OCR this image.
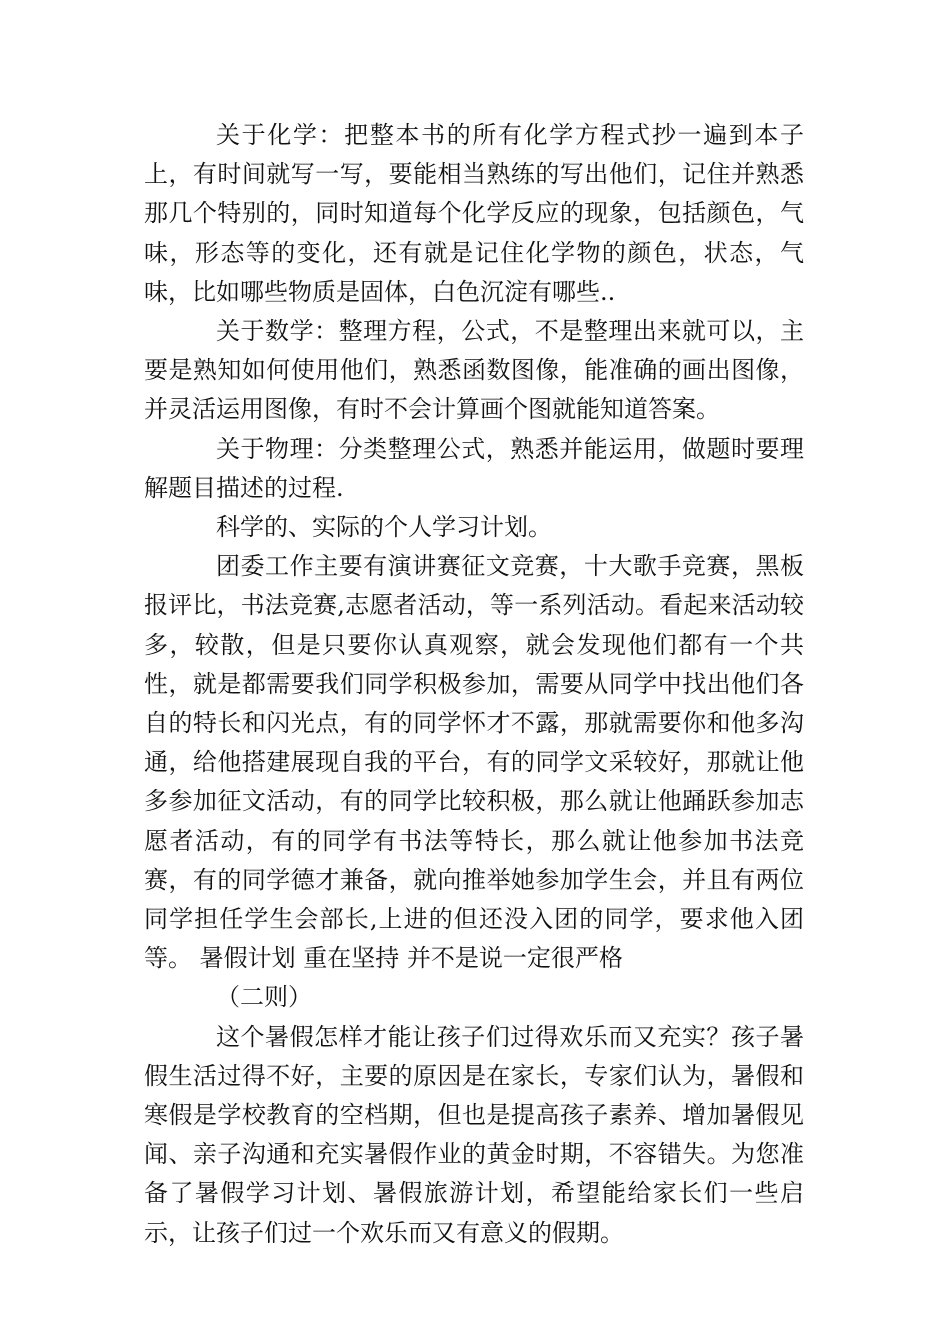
关于化学：把整本书的所有化学方程式抄一遍到本子上，有时间就写一写，要能相当熟练的写出他们，记住并熟悉那几个特别的，同时知道每个化学反应的现象，包括颜色，气味，形态等的变化，还有就是记住化学物的颜色，状态，气味，比如哪些物质是固体，白色沉淀有哪些..

关于数学：整理方程，公式，不是整理出来就可以，主要是熟知如何使用他们，熟悉函数图像，能准确的画出图像，并灵活运用图像，有时不会计算画个图就能知道答案。

关于物理：分类整理公式，熟悉并能运用，做题时要理解题目描述的过程.

科学的、实际的个人学习计划。

团委工作主要有演讲赛征文竞赛，十大歌手竞赛，黑板报评比，书法竞赛,志愿者活动，等一系列活动。看起来活动较多，较散，但是只要你认真观察，就会发现他们都有一个共性，就是都需要我们同学积极参加，需要从同学中找出他们各自的特长和闪光点，有的同学怀才不露，那就需要你和他多沟通，给他搭建展现自我的平台，有的同学文采较好，那就让他多参加征文活动，有的同学比较积极，那么就让他踊跃参加志愿者活动，有的同学有书法等特长，那么就让他参加书法竞赛，有的同学德才兼备，就向推举她参加学生会，并且有两位同学担任学生会部长,上进的但还没入团的同学，要求他入团等。 暑假计划 重在坚持 并不是说一定很严格

（二则）

这个暑假怎样才能让孩子们过得欢乐而又充实？孩子暑假生活过得不好，主要的原因是在家长，专家们认为，暑假和寒假是学校教育的空档期，但也是提高孩子素养、增加暑假见闻、亲子沟通和充实暑假作业的黄金时期，不容错失。为您准备了暑假学习计划、暑假旅游计划，希望能给家长们一些启示，让孩子们过一个欢乐而又有意义的假期。
